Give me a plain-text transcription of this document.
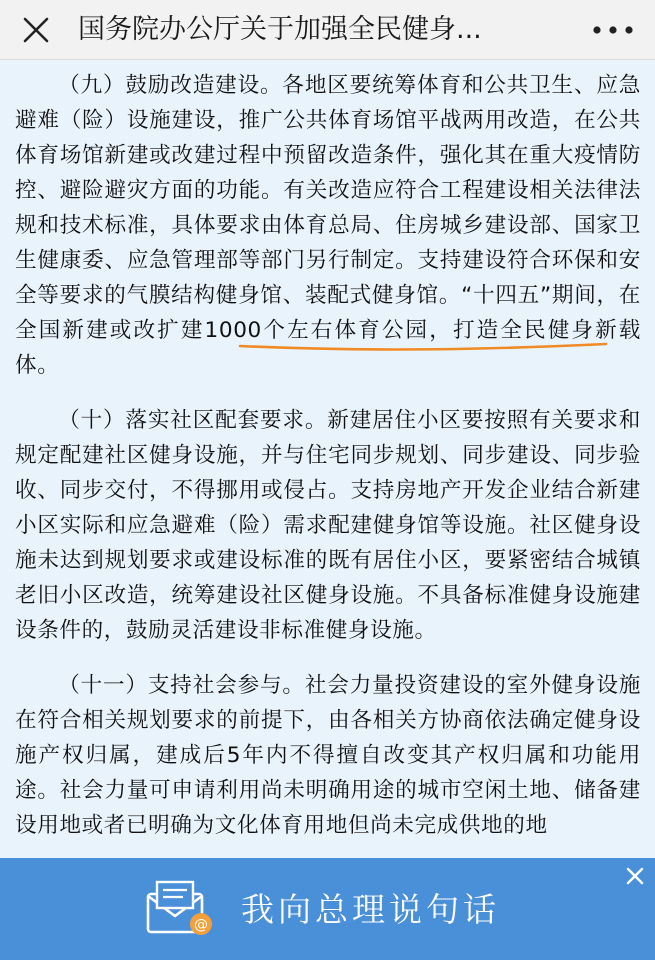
国务院办公厅关于加强全民健身...

（九）鼓励改造建设。各地区要统筹体育和公共卫生、应急避难（险）设施建设，推广公共体育场馆平战两用改造，在公共体育场馆新建或改建过程中预留改造条件，强化其在重大疫情防控、避险避灾方面的功能。有关改造应符合工程建设相关法律法规和技术标准，具体要求由体育总局、住房城乡建设部、国家卫生健康委、应急管理部等部门另行制定。支持建设符合环保和安全等要求的气膜结构健身馆、装配式健身馆。“十四五”期间，在全国新建或改扩建1000个左右体育公园，打造全民健身新载体。

（十）落实社区配套要求。新建居住小区要按照有关要求和规定配建社区健身设施，并与住宅同步规划、同步建设、同步验收、同步交付，不得挪用或侵占。支持房地产开发企业结合新建小区实际和应急避难（险）需求配建健身馆等设施。社区健身设施未达到规划要求或建设标准的既有居住小区，要紧密结合城镇老旧小区改造，统筹建设社区健身设施。不具备标准健身设施建设条件的，鼓励灵活建设非标准健身设施。

（十一）支持社会参与。社会力量投资建设的室外健身设施在符合相关规划要求的前提下，由各相关方协商依法确定健身设施产权归属，建成后5年内不得擅自改变其产权归属和功能用途。社会力量可申请利用尚未明确用途的城市空闲土地、储备建设用地或者已明确为文化体育用地但尚未完成供地的地

@ 我向总理说句话
